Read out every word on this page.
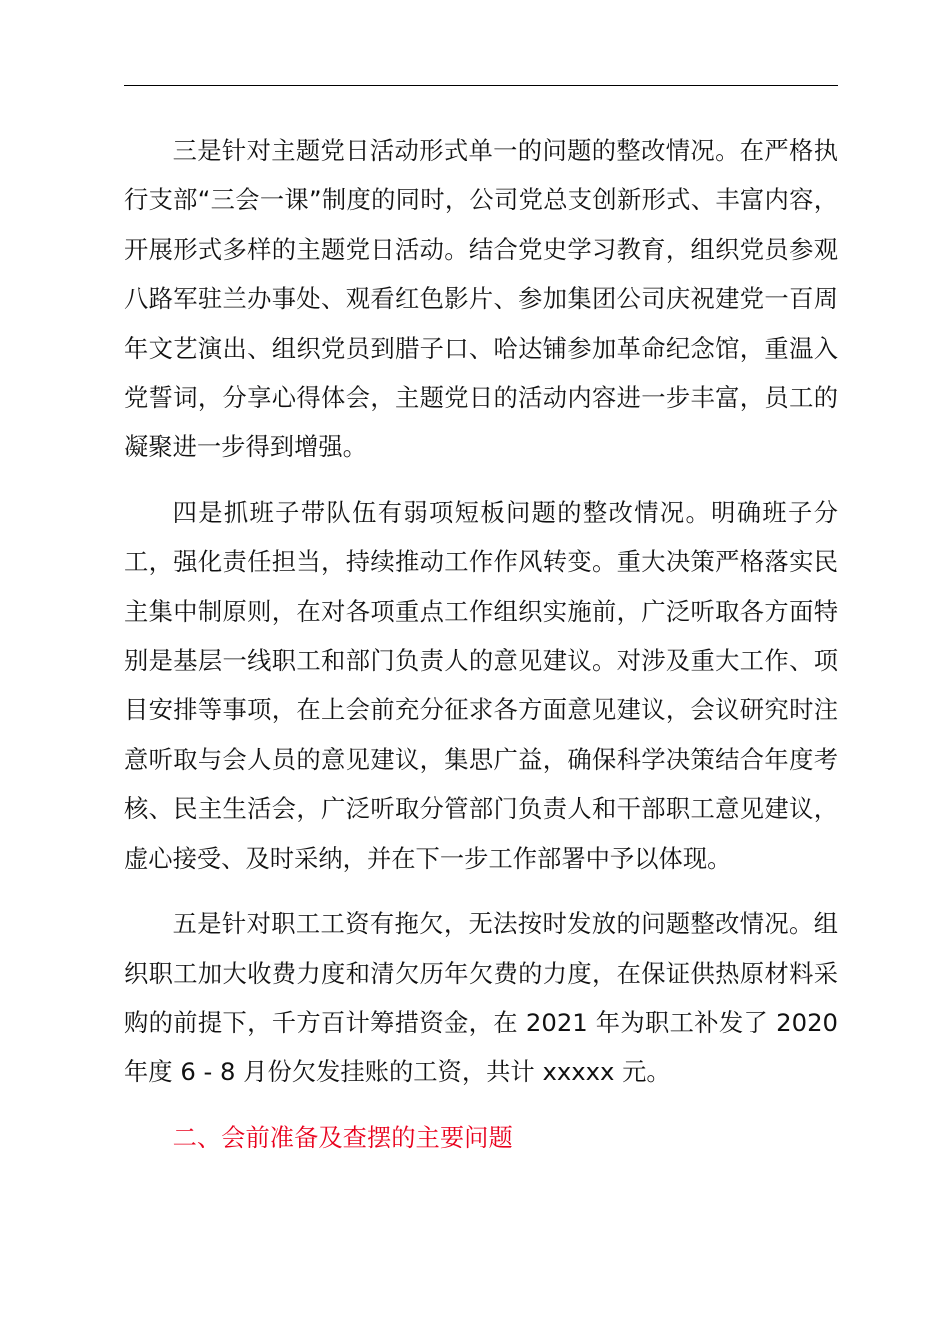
三是针对主题党日活动形式单一的问题的整改情况。在严格执行支部“三会一课”制度的同时，公司党总支创新形式、丰富内容，开展形式多样的主题党日活动。结合党史学习教育，组织党员参观八路军驻兰办事处、观看红色影片、参加集团公司庆祝建党一百周年文艺演出、组织党员到腊子口、哈达铺参加革命纪念馆，重温入党誓词，分享心得体会，主题党日的活动内容进一步丰富，员工的凝聚进一步得到增强。

四是抓班子带队伍有弱项短板问题的整改情况。明确班子分工，强化责任担当，持续推动工作作风转变。重大决策严格落实民主集中制原则，在对各项重点工作组织实施前，广泛听取各方面特别是基层一线职工和部门负责人的意见建议。对涉及重大工作、项目安排等事项，在上会前充分征求各方面意见建议，会议研究时注意听取与会人员的意见建议，集思广益，确保科学决策结合年度考核、民主生活会，广泛听取分管部门负责人和干部职工意见建议，虚心接受、及时采纳，并在下一步工作部署中予以体现。

五是针对职工工资有拖欠，无法按时发放的问题整改情况。组织职工加大收费力度和清欠历年欠费的力度，在保证供热原材料采购的前提下，千方百计筹措资金，在 2021 年为职工补发了 2020 年度 6 - 8 月份欠发挂账的工资，共计 xxxxx 元。

二、会前准备及查摆的主要问题
